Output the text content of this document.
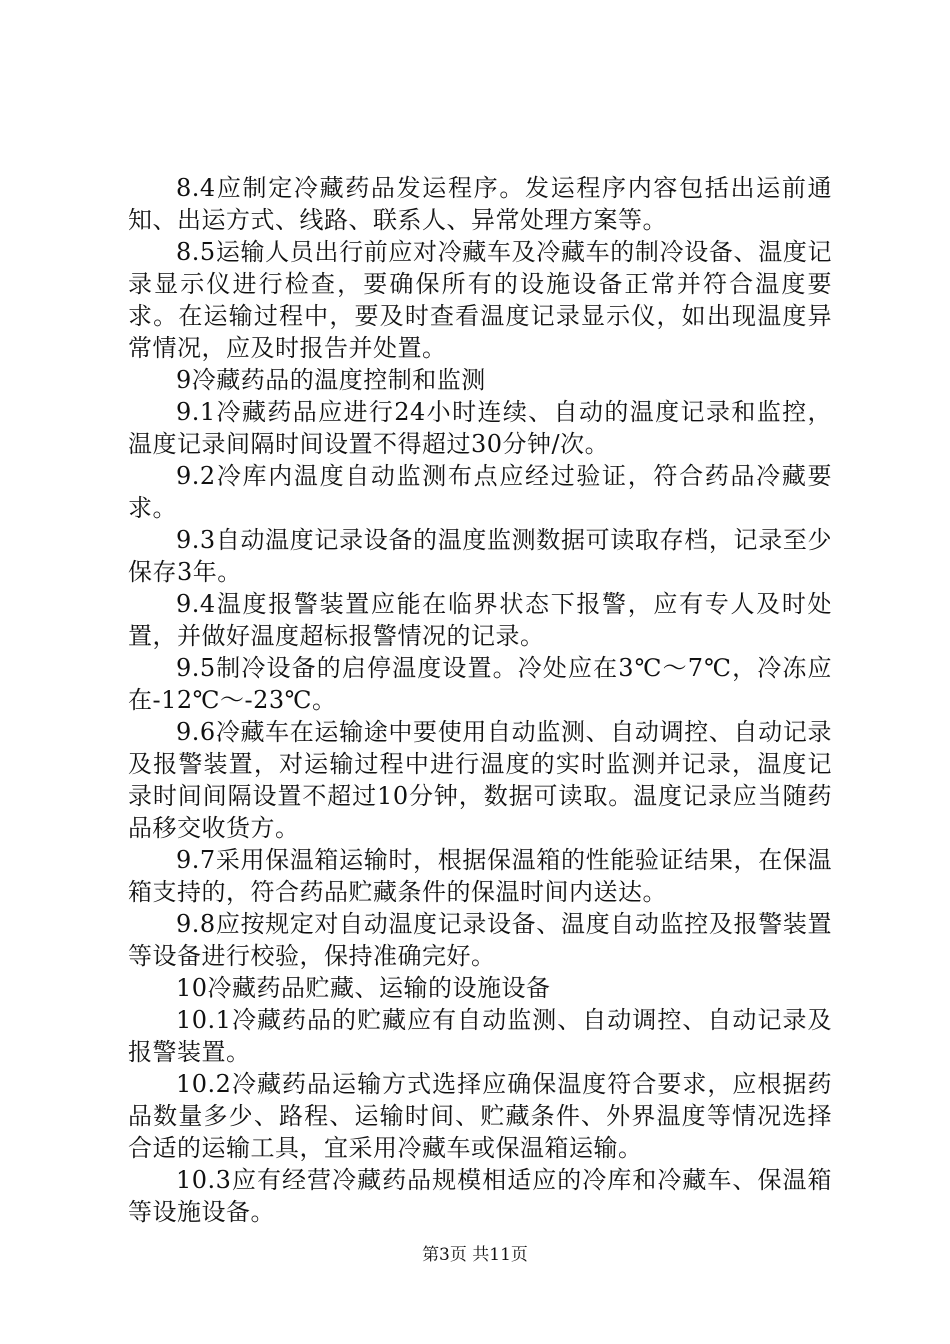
8.4应制定冷藏药品发运程序。发运程序内容包括出运前通知、出运方式、线路、联系人、异常处理方案等。

8.5运输人员出行前应对冷藏车及冷藏车的制冷设备、温度记录显示仪进行检查，要确保所有的设施设备正常并符合温度要求。在运输过程中，要及时查看温度记录显示仪，如出现温度异常情况，应及时报告并处置。

9冷藏药品的温度控制和监测

9.1冷藏药品应进行24小时连续、自动的温度记录和监控，温度记录间隔时间设置不得超过30分钟/次。

9.2冷库内温度自动监测布点应经过验证，符合药品冷藏要求。

9.3自动温度记录设备的温度监测数据可读取存档，记录至少保存3年。

9.4温度报警装置应能在临界状态下报警，应有专人及时处置，并做好温度超标报警情况的记录。

9.5制冷设备的启停温度设置。冷处应在3℃～7℃，冷冻应在-12℃～-23℃。

9.6冷藏车在运输途中要使用自动监测、自动调控、自动记录及报警装置，对运输过程中进行温度的实时监测并记录，温度记录时间间隔设置不超过10分钟，数据可读取。温度记录应当随药品移交收货方。

9.7采用保温箱运输时，根据保温箱的性能验证结果，在保温箱支持的，符合药品贮藏条件的保温时间内送达。

9.8应按规定对自动温度记录设备、温度自动监控及报警装置等设备进行校验，保持准确完好。

10冷藏药品贮藏、运输的设施设备

10.1冷藏药品的贮藏应有自动监测、自动调控、自动记录及报警装置。

10.2冷藏药品运输方式选择应确保温度符合要求，应根据药品数量多少、路程、运输时间、贮藏条件、外界温度等情况选择合适的运输工具，宜采用冷藏车或保温箱运输。

10.3应有经营冷藏药品规模相适应的冷库和冷藏车、保温箱等设施设备。

第3页 共11页
